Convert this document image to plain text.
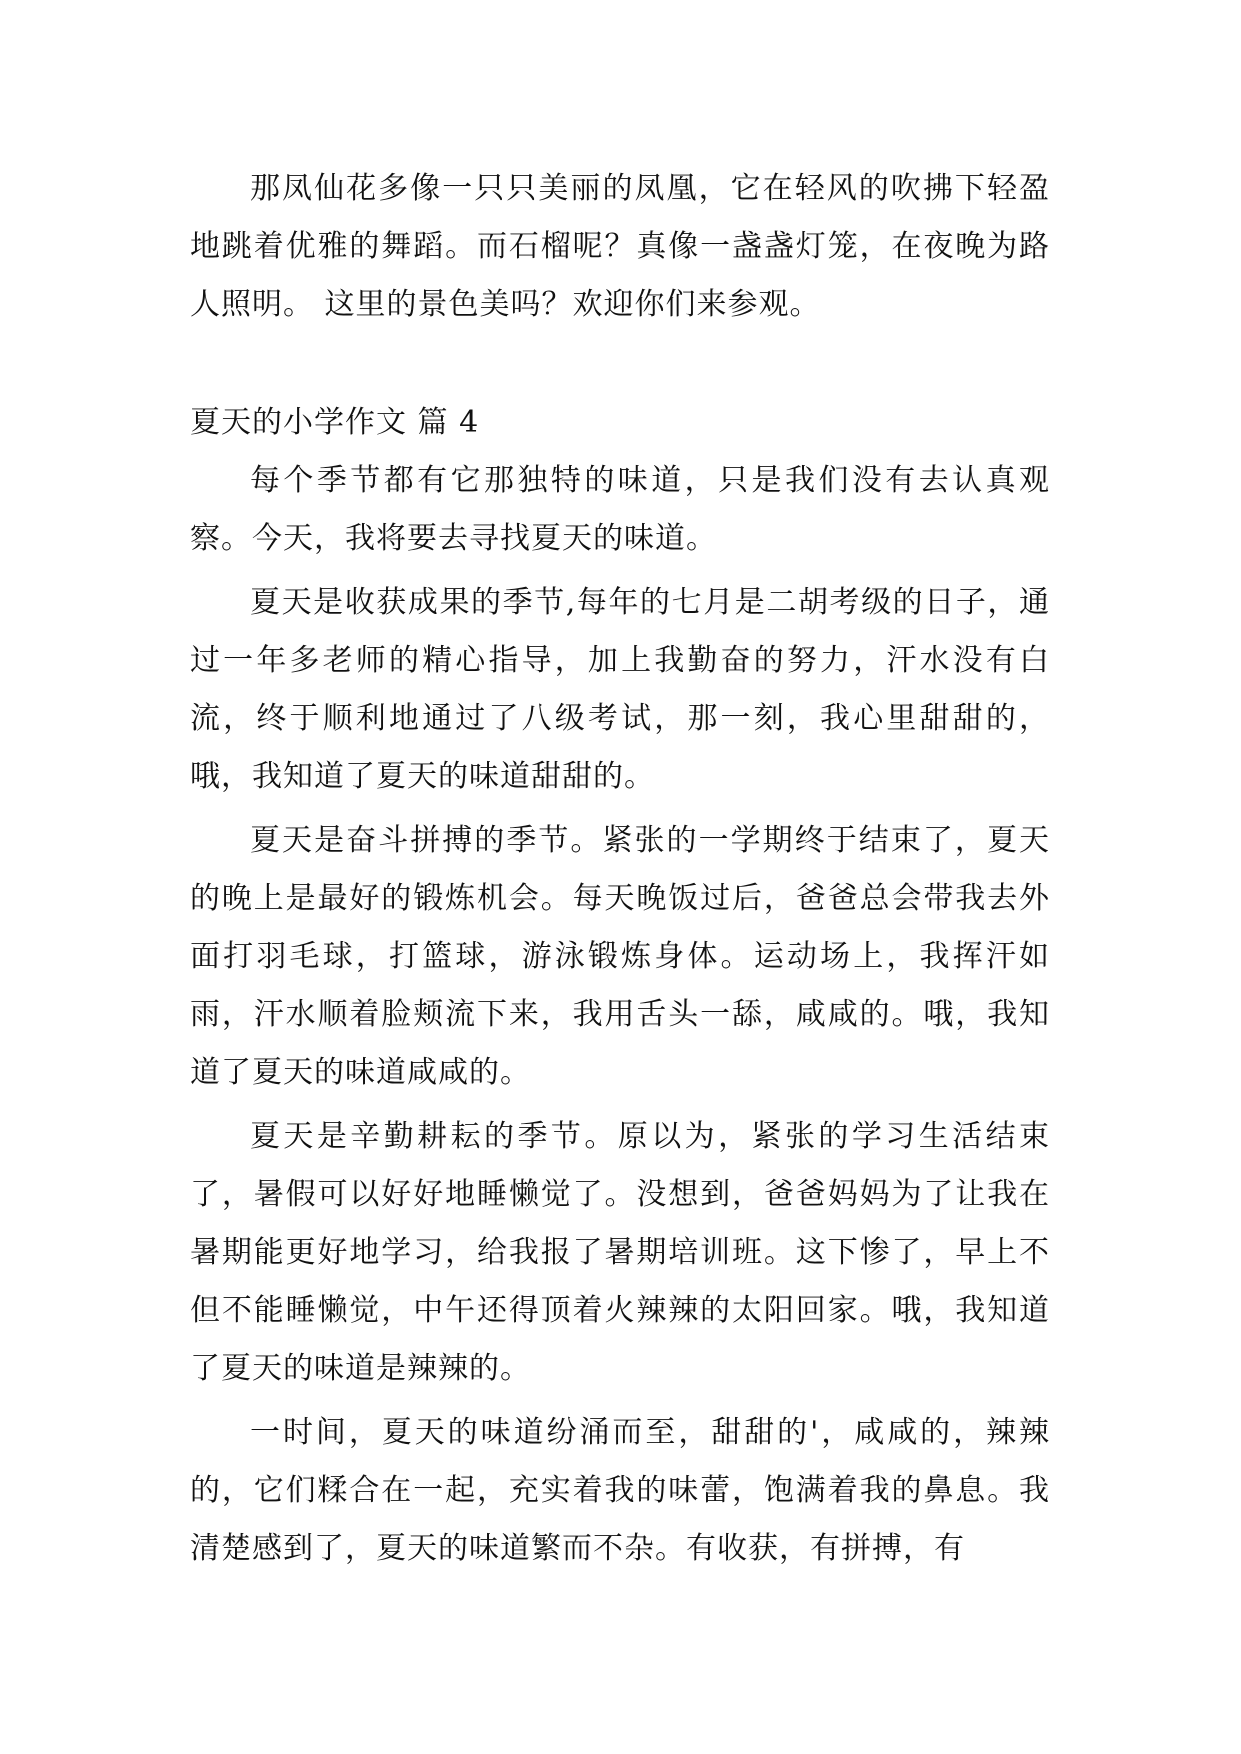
那凤仙花多像一只只美丽的凤凰，它在轻风的吹拂下轻盈地跳着优雅的舞蹈。而石榴呢？真像一盏盏灯笼，在夜晚为路人照明。 这里的景色美吗？欢迎你们来参观。

夏天的小学作文 篇 4

每个季节都有它那独特的味道，只是我们没有去认真观察。今天，我将要去寻找夏天的味道。

夏天是收获成果的季节,每年的七月是二胡考级的日子，通过一年多老师的精心指导，加上我勤奋的努力，汗水没有白流，终于顺利地通过了八级考试，那一刻，我心里甜甜的，哦，我知道了夏天的味道甜甜的。

夏天是奋斗拼搏的季节。紧张的一学期终于结束了，夏天的晚上是最好的锻炼机会。每天晚饭过后，爸爸总会带我去外面打羽毛球，打篮球，游泳锻炼身体。运动场上，我挥汗如雨，汗水顺着脸颊流下来，我用舌头一舔，咸咸的。哦，我知道了夏天的味道咸咸的。

夏天是辛勤耕耘的季节。原以为，紧张的学习生活结束了，暑假可以好好地睡懒觉了。没想到，爸爸妈妈为了让我在暑期能更好地学习，给我报了暑期培训班。这下惨了，早上不但不能睡懒觉，中午还得顶着火辣辣的太阳回家。哦，我知道了夏天的味道是辣辣的。

一时间，夏天的味道纷涌而至，甜甜的'，咸咸的，辣辣的，它们糅合在一起，充实着我的味蕾，饱满着我的鼻息。我清楚感到了，夏天的味道繁而不杂。有收获，有拼搏，有
